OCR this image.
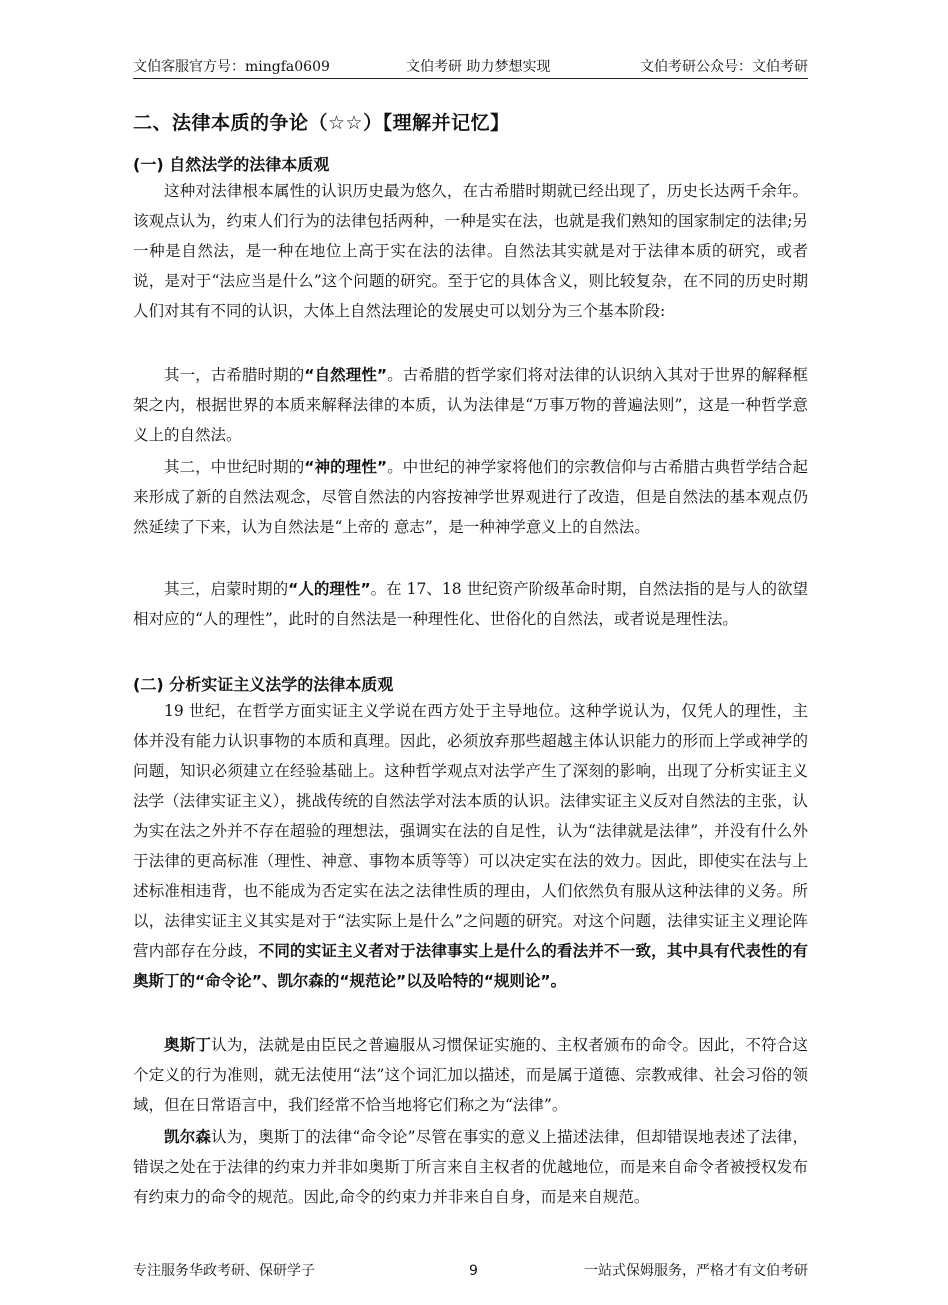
文伯客服官方号：mingfa0609	文伯考研 助力梦想实现	文伯考研公众号：文伯考研
二、法律本质的争论（☆☆）【理解并记忆】
(一) 自然法学的法律本质观

这种对法律根本属性的认识历史最为悠久，在古希腊时期就已经出现了，历史长达两千余年。该观点认为，约束人们行为的法律包括两种，一种是实在法，也就是我们熟知的国家制定的法律;另一种是自然法，是一种在地位上高于实在法的法律。自然法其实就是对于法律本质的研究，或者说，是对于“法应当是什么”这个问题的研究。至于它的具体含义，则比较复杂，在不同的历史时期人们对其有不同的认识，大体上自然法理论的发展史可以划分为三个基本阶段:

其一，古希腊时期的“自然理性”。古希腊的哲学家们将对法律的认识纳入其对于世界的解释框架之内，根据世界的本质来解释法律的本质，认为法律是“万事万物的普遍法则”，这是一种哲学意义上的自然法。

其二，中世纪时期的“神的理性”。中世纪的神学家将他们的宗教信仰与古希腊古典哲学结合起来形成了新的自然法观念，尽管自然法的内容按神学世界观进行了改造，但是自然法的基本观点仍然延续了下来，认为自然法是“上帝的 意志”，是一种神学意义上的自然法。

其三，启蒙时期的“人的理性”。在 17、18 世纪资产阶级革命时期，自然法指的是与人的欲望相对应的“人的理性”，此时的自然法是一种理性化、世俗化的自然法，或者说是理性法。

(二) 分析实证主义法学的法律本质观

19 世纪，在哲学方面实证主义学说在西方处于主导地位。这种学说认为，仅凭人的理性，主体并没有能力认识事物的本质和真理。因此，必须放弃那些超越主体认识能力的形而上学或神学的问题，知识必须建立在经验基础上。这种哲学观点对法学产生了深刻的影响，出现了分析实证主义法学（法律实证主义），挑战传统的自然法学对法本质的认识。法律实证主义反对自然法的主张，认为实在法之外并不存在超验的理想法，强调实在法的自足性，认为“法律就是法律”，并没有什么外于法律的更高标准（理性、神意、事物本质等等）可以决定实在法的效力。因此，即使实在法与上述标准相违背，也不能成为否定实在法之法律性质的理由，人们依然负有服从这种法律的义务。所以，法律实证主义其实是对于“法实际上是什么”之问题的研究。对这个问题，法律实证主义理论阵营内部存在分歧，不同的实证主义者对于法律事实上是什么的看法并不一致，其中具有代表性的有奥斯丁的“命令论”、凯尔森的“规范论”以及哈特的“规则论”。

奥斯丁认为，法就是由臣民之普遍服从习惯保证实施的、主权者颁布的命令。因此，不符合这个定义的行为准则，就无法使用“法”这个词汇加以描述，而是属于道德、宗教戒律、社会习俗的领域，但在日常语言中，我们经常不恰当地将它们称之为“法律”。

凯尔森认为，奥斯丁的法律“命令论”尽管在事实的意义上描述法律，但却错误地表述了法律，错误之处在于法律的约束力并非如奥斯丁所言来自主权者的优越地位，而是来自命令者被授权发布有约束力的命令的规范。因此,命令的约束力并非来自自身，而是来自规范。

专注服务华政考研、保研学子	9	一站式保姆服务，严格才有文伯考研
